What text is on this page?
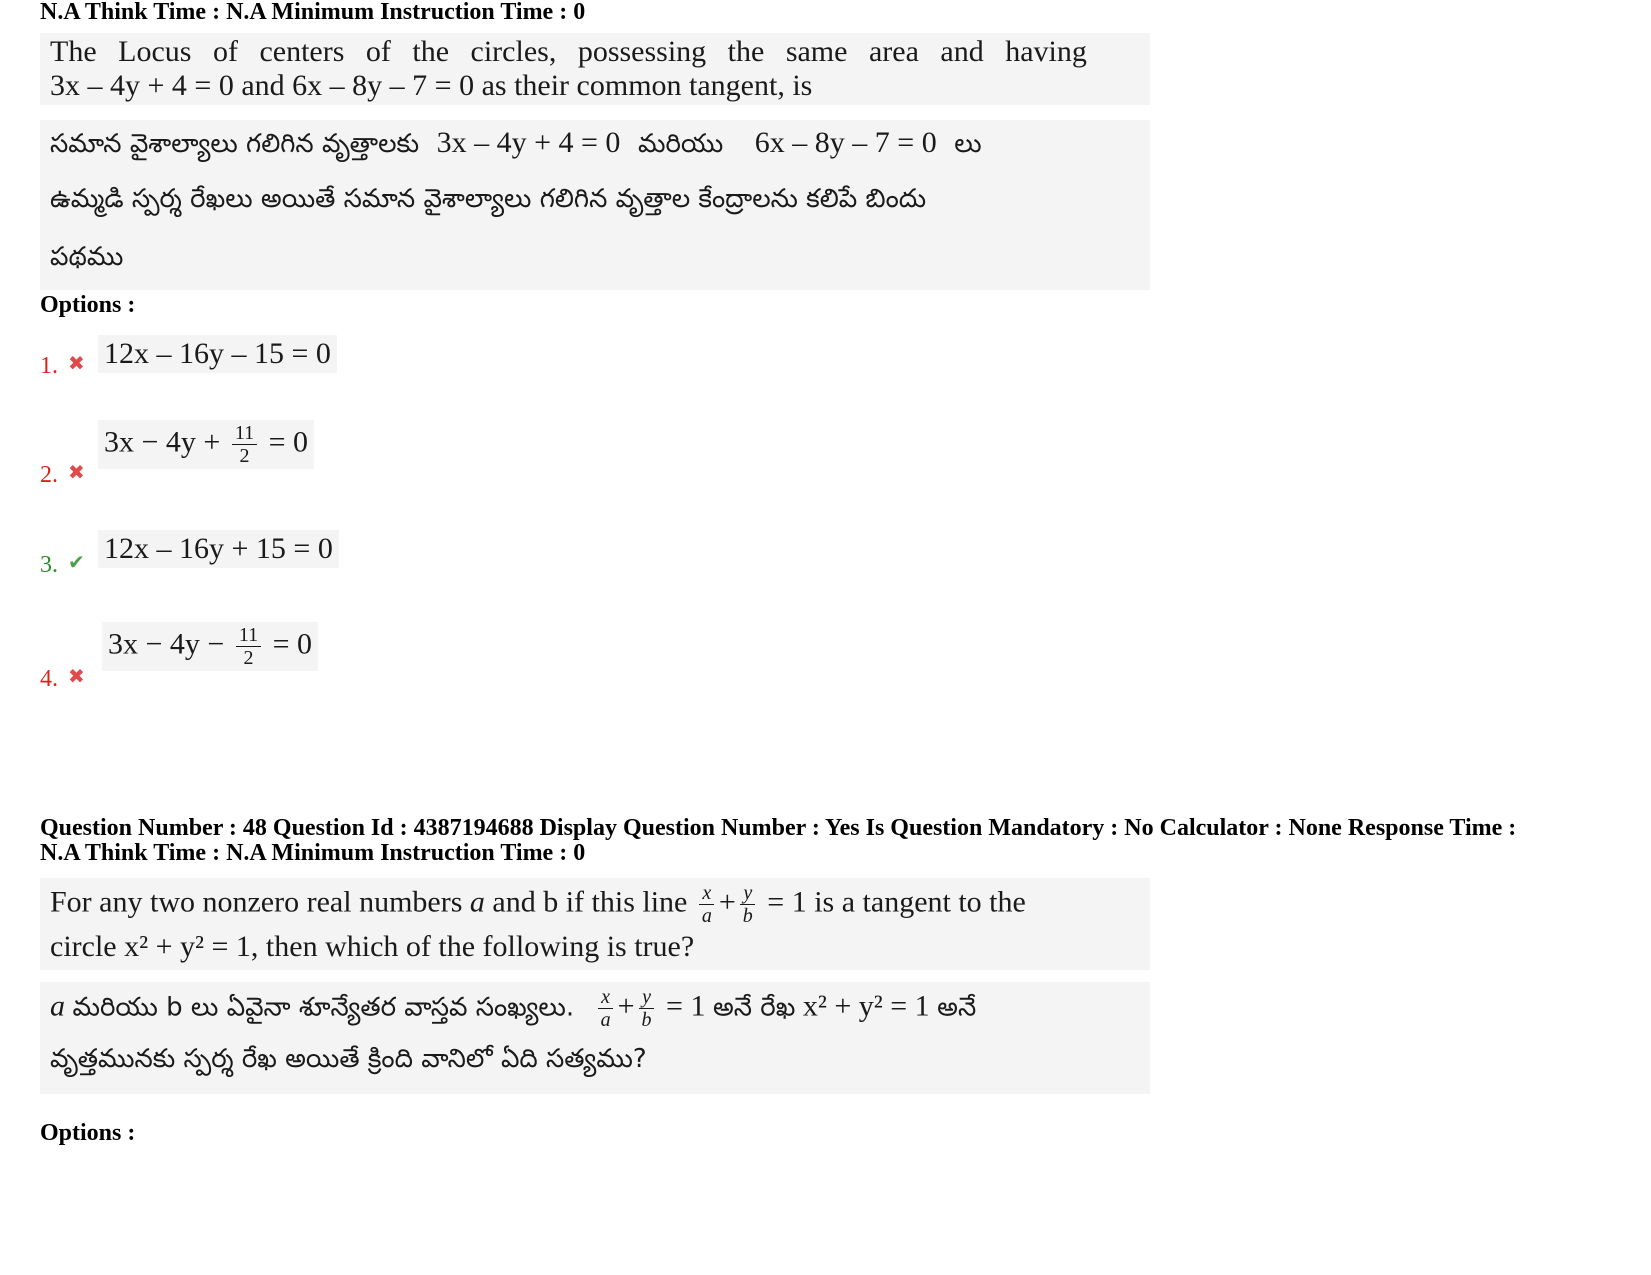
N.A Think Time : N.A Minimum Instruction Time : 0
The Locus of centers of the circles, possessing the same area and having
3x – 4y + 4 = 0 and 6x – 8y – 7 = 0 as their common tangent, is
సమాన వైశాల్యాలు గలిగిన వృత్తాలకు 3x – 4y + 4 = 0 మరియు 6x – 8y – 7 = 0 లు
ఉమ్మడి స్పర్శ రేఖలు అయితే సమాన వైశాల్యాలు గలిగిన వృత్తాల కేంద్రాలను కలిపే బిందు
పథము
Options :
1. ✖ 12x – 16y – 15 = 0
2. ✖
$3x - 4y + \frac{11}{2} = 0$
3. ✔ 12x – 16y + 15 = 0
4. ✖
$3x - 4y - \frac{11}{2} = 0$
Question Number : 48 Question Id : 4387194688 Display Question Number : Yes Is Question Mandatory : No Calculator : None Response Time :
N.A Think Time : N.A Minimum Instruction Time : 0
For any two nonzero real numbers a and b if this line $\frac{x}{a} + \frac{y}{b} = 1$ is a tangent to the
circle x² + y² = 1, then which of the following is true?
a మరియు b లు ఏవైనా శూన్యేతర వాస్తవ సంఖ్యలు. $\frac{x}{a} + \frac{y}{b} = 1$ అనే రేఖ x² + y² = 1 అనే
వృత్తమునకు స్పర్శ రేఖ అయితే క్రింది వానిలో ఏది సత్యము?
Options :
